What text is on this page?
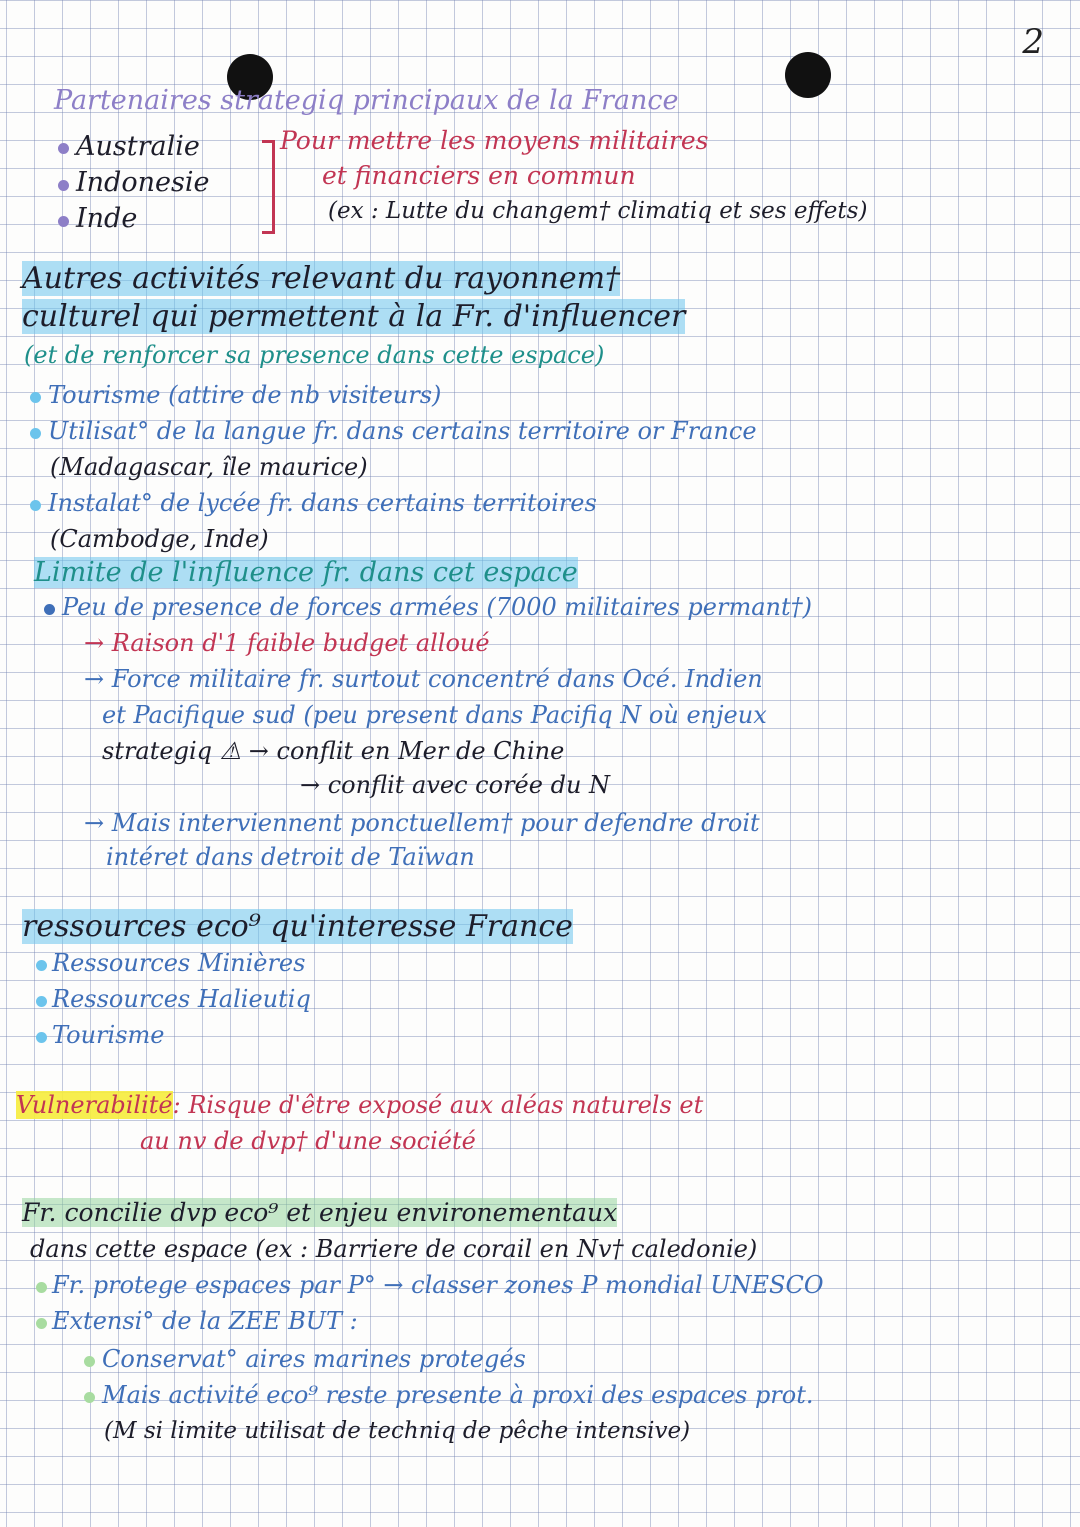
2
Partenaires strategiq principaux de la France
Australie
Indonesie
Inde
Pour mettre les moyens militaires
et financiers en commun
(ex : Lutte du changem† climatiq et ses effets)
Autres activités relevant du rayonnem†
culturel qui permettent à la Fr. d'influencer
(et de renforcer sa presence dans cette espace)
Tourisme (attire de nb visiteurs)
Utilisat° de la langue fr. dans certains territoire or France
(Madagascar, île maurice)
Instalat° de lycée fr. dans certains territoires
(Cambodge, Inde)
Limite de l'influence fr. dans cet espace
Peu de presence de forces armées (7000 militaires permant†)
→ Raison d'1 faible budget alloué
→ Force militaire fr. surtout concentré dans Océ. Indien
et Pacifique sud (peu present dans Pacifiq N où enjeux
strategiq ⚠ → conflit en Mer de Chine
→ conflit avec corée du N
→ Mais interviennent ponctuellem† pour defendre droit
intéret dans detroit de Taïwan
ressources eco⁹ qu'interesse France
Ressources Minières
Ressources Halieutiq
Tourisme
Vulnerabilité: Risque d'être exposé aux aléas naturels et
au nv de dvp† d'une société
Fr. concilie dvp eco⁹ et enjeu environementaux
dans cette espace (ex : Barriere de corail en Nv† caledonie)
Fr. protege espaces par P° → classer zones P mondial UNESCO
Extensi° de la ZEE BUT :
Conservat° aires marines protegés
Mais activité eco⁹ reste presente à proxi des espaces prot.
(M si limite utilisat de techniq de pêche intensive)
